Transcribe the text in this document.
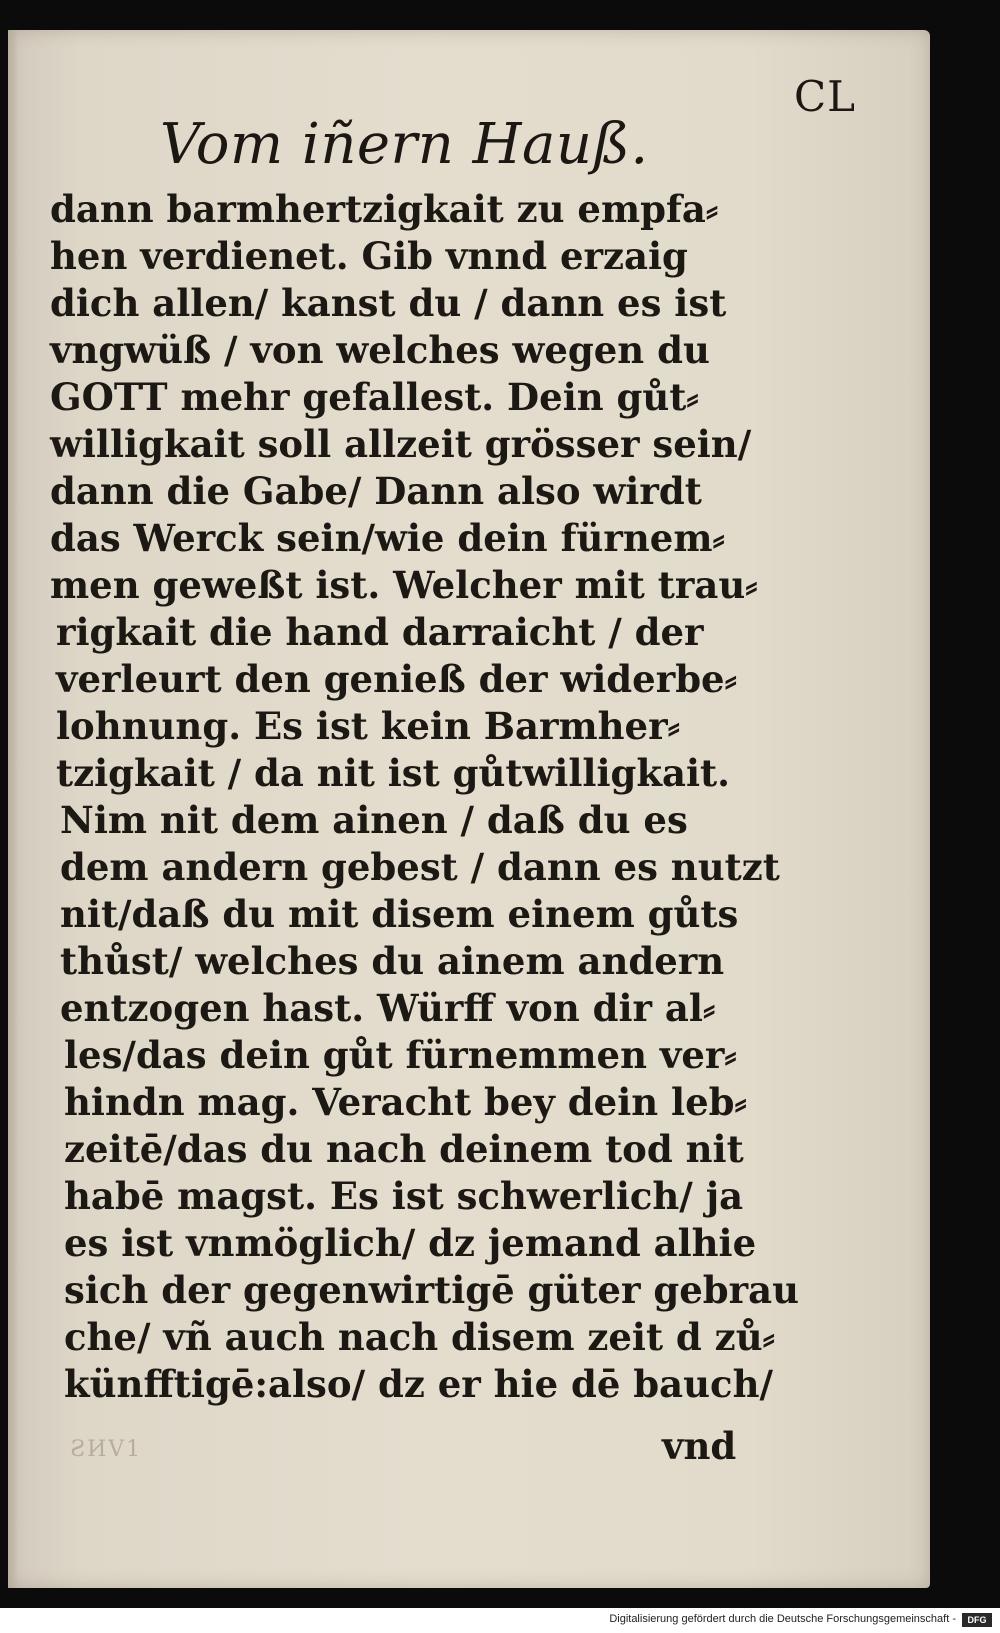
CL
Vom iñern Hauß.
dann barmhertzigkait zu empfa⸗
hen verdienet. Gib vnnd erzaig
dich allen/ kanst du / dann es ist
vngwüß / von welches wegen du
GOTT mehr gefallest. Dein gůt⸗
willigkait soll allzeit grösser sein/
dann die Gabe/ Dann also wirdt
das Werck sein/wie dein fürnem⸗
men geweßt ist. Welcher mit trau⸗
rigkait die hand darraicht / der
verleurt den genieß der widerbe⸗
lohnung. Es ist kein Barmher⸗
tzigkait / da nit ist gůtwilligkait.
Nim nit dem ainen / daß du es
dem andern gebest / dann es nutzt
nit/daß du mit disem einem gůts
thůst/ welches du ainem andern
entzogen hast. Würff von dir al⸗
les/das dein gůt fürnemmen ver⸗
hindn mag. Veracht bey dein leb⸗
zeitē/das du nach deinem tod nit
habē magst. Es ist schwerlich/ ja
es ist vnmöglich/ dz jemand alhie
sich der gegenwirtigē güter gebrau
che/ vñ auch nach disem zeit d zů⸗
künfftigē:also/ dz er hie dē bauch/
vnd
ƧИV1
Digitalisierung gefördert durch die Deutsche Forschungsgemeinschaft -	DFG
